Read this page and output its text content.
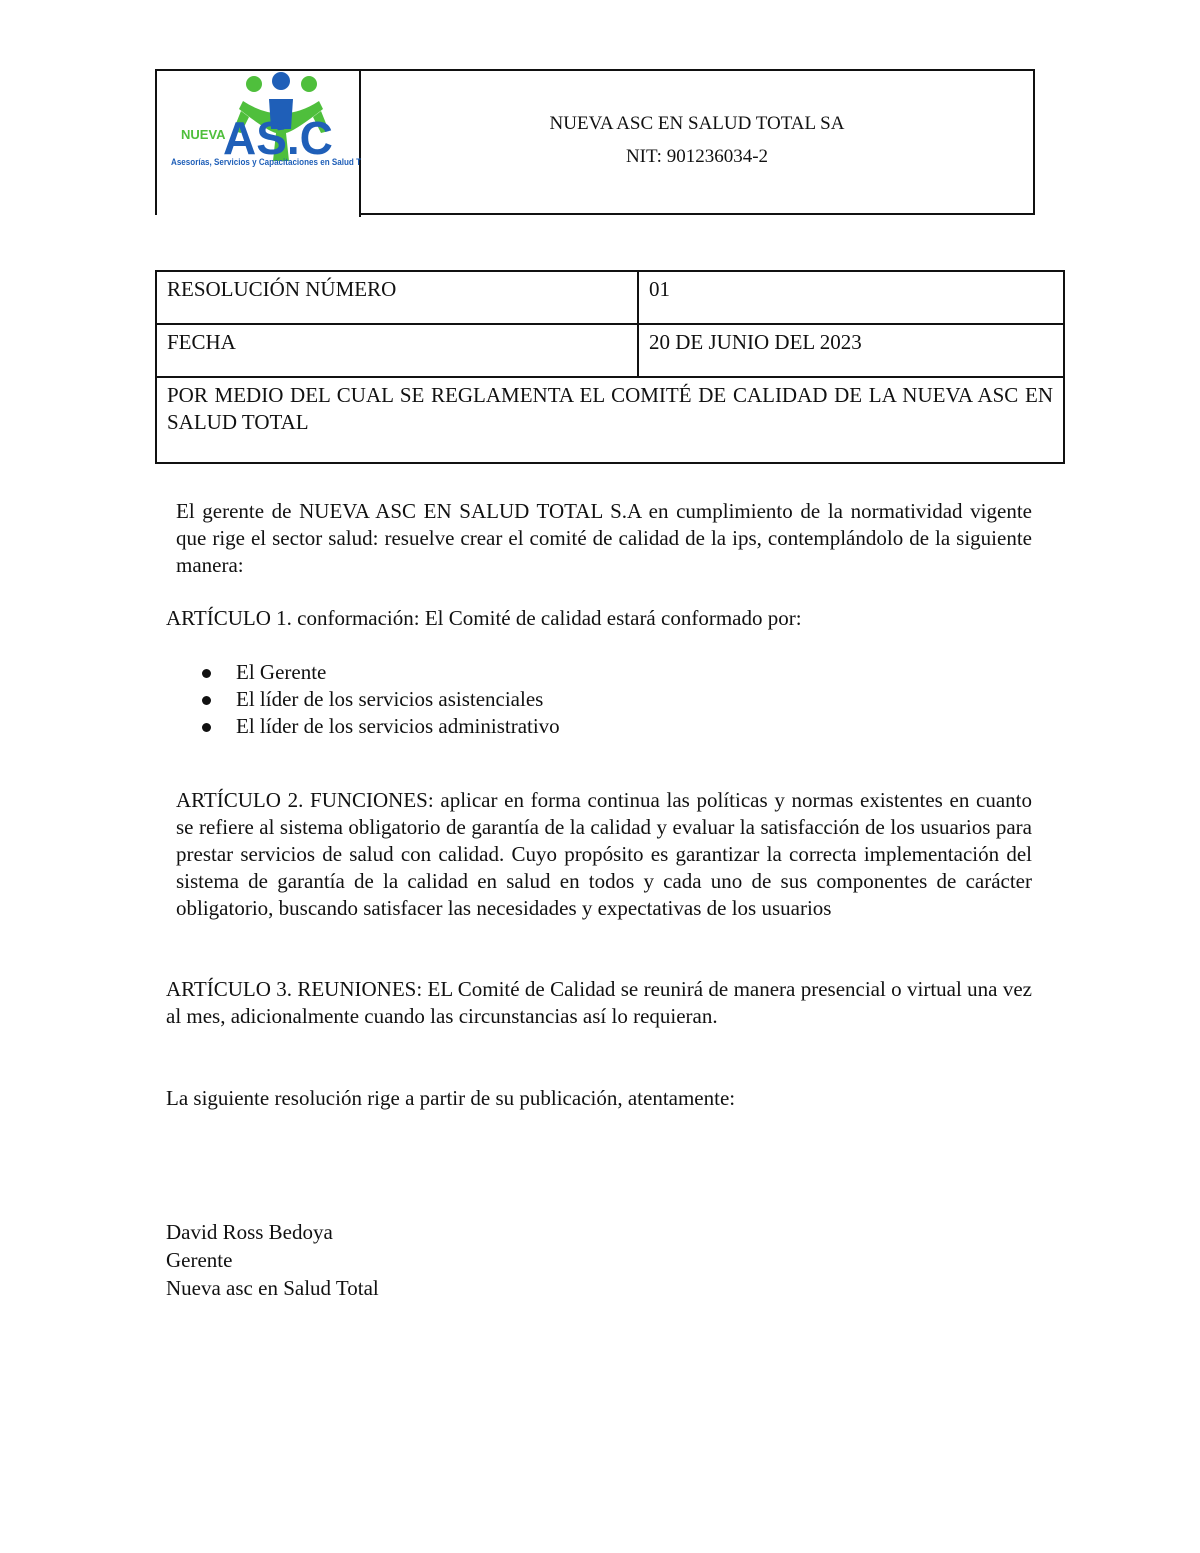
AS.C
NUEVA
Asesorías, Servicios y Capacitaciones en Salud T
NUEVA ASC EN SALUD TOTAL SA
NIT: 901236034-2
RESOLUCIÓN NÚMERO	01
FECHA	20 DE JUNIO DEL 2023
POR MEDIO DEL CUAL SE REGLAMENTA EL COMITÉ DE CALIDAD DE LA NUEVA ASC EN SALUD TOTAL	
El gerente de NUEVA ASC EN SALUD TOTAL S.A en cumplimiento de la normatividad vigente que rige el sector salud: resuelve crear el comité de calidad de la ips, contemplándolo de la siguiente manera:
ARTÍCULO 1. conformación: El Comité de calidad estará conformado por:
El Gerente
El líder de los servicios asistenciales
El líder de los servicios administrativo
ARTÍCULO 2. FUNCIONES: aplicar en forma continua las políticas y normas existentes en cuanto se refiere al sistema obligatorio de garantía de la calidad y evaluar la satisfacción de los usuarios para prestar servicios de salud con calidad. Cuyo propósito es garantizar la correcta implementación del sistema de garantía de la calidad en salud en todos y cada uno de sus componentes de carácter obligatorio, buscando satisfacer las necesidades y expectativas de los usuarios
ARTÍCULO 3. REUNIONES: EL Comité de Calidad se reunirá de manera presencial o virtual una vez al mes, adicionalmente cuando las circunstancias así lo requieran.
La siguiente resolución rige a partir de su publicación, atentamente:
David Ross Bedoya
Gerente
Nueva asc en Salud Total
